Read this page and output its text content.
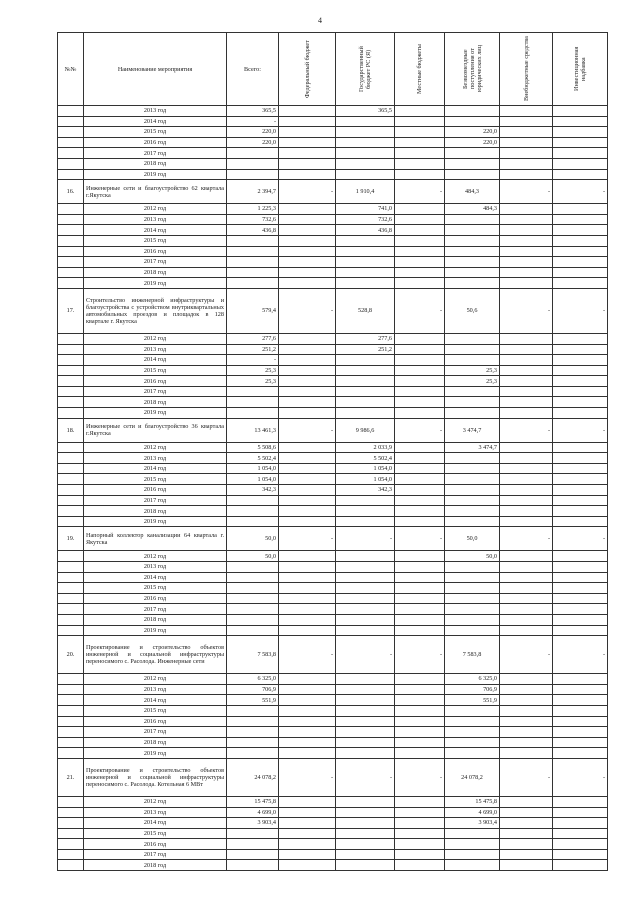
4
№№	Наименование мероприятия	Всего:	Федеральный бюджет	Государственный бюджет РС (Я)	Местные бюджеты	Безвозмездные поступления от юридических лиц	Внебюджетные средства	Инвестиционная надбавка

	2013 год	365,5		365,5				
	2014 год	-						
	2015 год	220,0				220,0		
	2016 год	220,0				220,0		
	2017 год							
	2018 год							
	2019 год							
16.	Инженерные сети и благоустройство 62 квартала г.Якутска	2 394,7	-	1 910,4	-	484,3	-	-
	2012 год	1 225,3		741,0		484,3		
	2013 год	732,6		732,6				
	2014 год	436,8		436,8				
	2015 год							
	2016 год							
	2017 год							
	2018 год							
	2019 год							
17.	Строительство инженерной инфраструктуры и благоустройства с устройством внутриквартальных автомобильных проездов и площадок в 128 квартале г. Якутска	579,4	-	528,8	-	50,6	-	-
	2012 год	277,6		277,6				
	2013 год	251,2		251,2				
	2014 год	-						
	2015 год	25,3				25,3		
	2016 год	25,3				25,3		
	2017 год							
	2018 год							
	2019 год							
18.	Инженерные сети и благоустройство 36 квартала г.Якутска	13 461,3	-	9 986,6	-	3 474,7	-	-
	2012 год	5 508,6		2 033,9		3 474,7		
	2013 год	5 502,4		5 502,4				
	2014 год	1 054,0		1 054,0				
	2015 год	1 054,0		1 054,0				
	2016 год	342,3		342,3				
	2017 год							
	2018 год							
	2019 год							
19.	Напорный коллектор канализации 64 квартала г. Якутска	50,0	-	-	-	50,0	-	-
	2012 год	50,0				50,0		
	2013 год							
	2014 год							
	2015 год							
	2016 год							
	2017 год							
	2018 год							
	2019 год							
20.	Проектирование и строительство объектов инженерной и социальной инфраструктуры переносимого с. Расолода. Инженерные сети	7 583,8	-	-	-	7 583,8	-	-
	2012 год	6 325,0				6 325,0		
	2013 год	706,9				706,9		
	2014 год	551,9				551,9		
	2015 год							
	2016 год							
	2017 год							
	2018 год							
	2019 год							
21.	Проектирование и строительство объектов инженерной и социальной инфраструктуры переносимого с. Расолода. Котельная 6 МВт	24 078,2	-	-	-	24 078,2	-	-
	2012 год	15 475,8				15 475,8		
	2013 год	4 699,0				4 699,0		
	2014 год	3 903,4				3 903,4		
	2015 год							
	2016 год							
	2017 год							
	2018 год							
